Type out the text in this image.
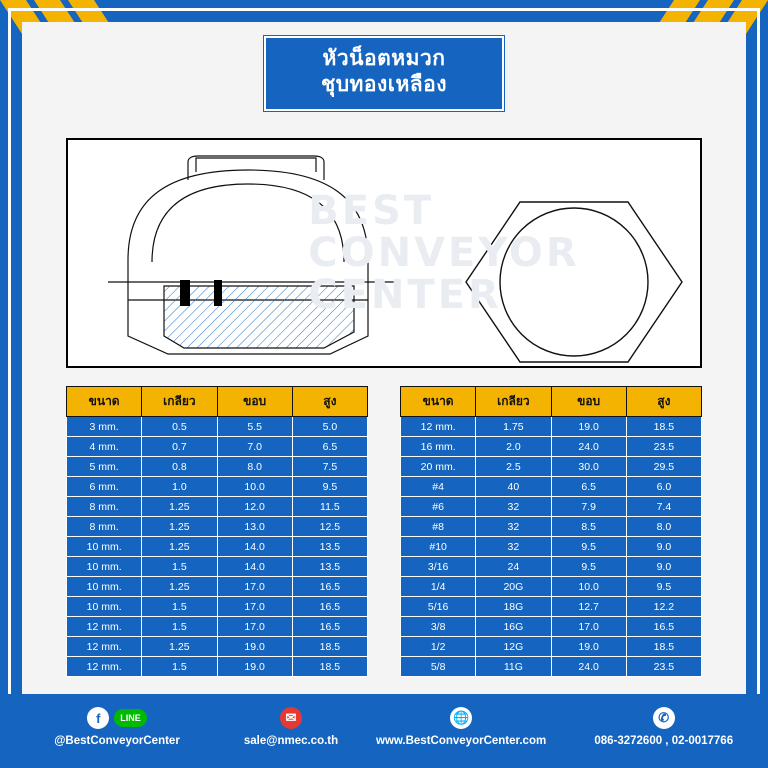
หัวน็อตหมวก
ชุบทองเหลือง
BEST
CONVEYOR
CENTER
ขนาด	เกลียว	ขอบ	สูง
3 mm.	0.5	5.5	5.0
4 mm.	0.7	7.0	6.5
5 mm.	0.8	8.0	7.5
6 mm.	1.0	10.0	9.5
8 mm.	1.25	12.0	11.5
8 mm.	1.25	13.0	12.5
10 mm.	1.25	14.0	13.5
10 mm.	1.5	14.0	13.5
10 mm.	1.25	17.0	16.5
10 mm.	1.5	17.0	16.5
12 mm.	1.5	17.0	16.5
12 mm.	1.25	19.0	18.5
12 mm.	1.5	19.0	18.5
ขนาด	เกลียว	ขอบ	สูง
12 mm.	1.75	19.0	18.5
16 mm.	2.0	24.0	23.5
20 mm.	2.5	30.0	29.5
#4	40	6.5	6.0
#6	32	7.9	7.4
#8	32	8.5	8.0
#10	32	9.5	9.0
3/16	24	9.5	9.0
1/4	20G	10.0	9.5
5/16	18G	12.7	12.2
3/8	16G	17.0	16.5
1/2	12G	19.0	18.5
5/8	11G	24.0	23.5
f	LINE
@BestConveyorCenter
✉
sale@nmec.co.th
🌐
www.BestConveyorCenter.com
✆
086-3272600 , 02-0017766
